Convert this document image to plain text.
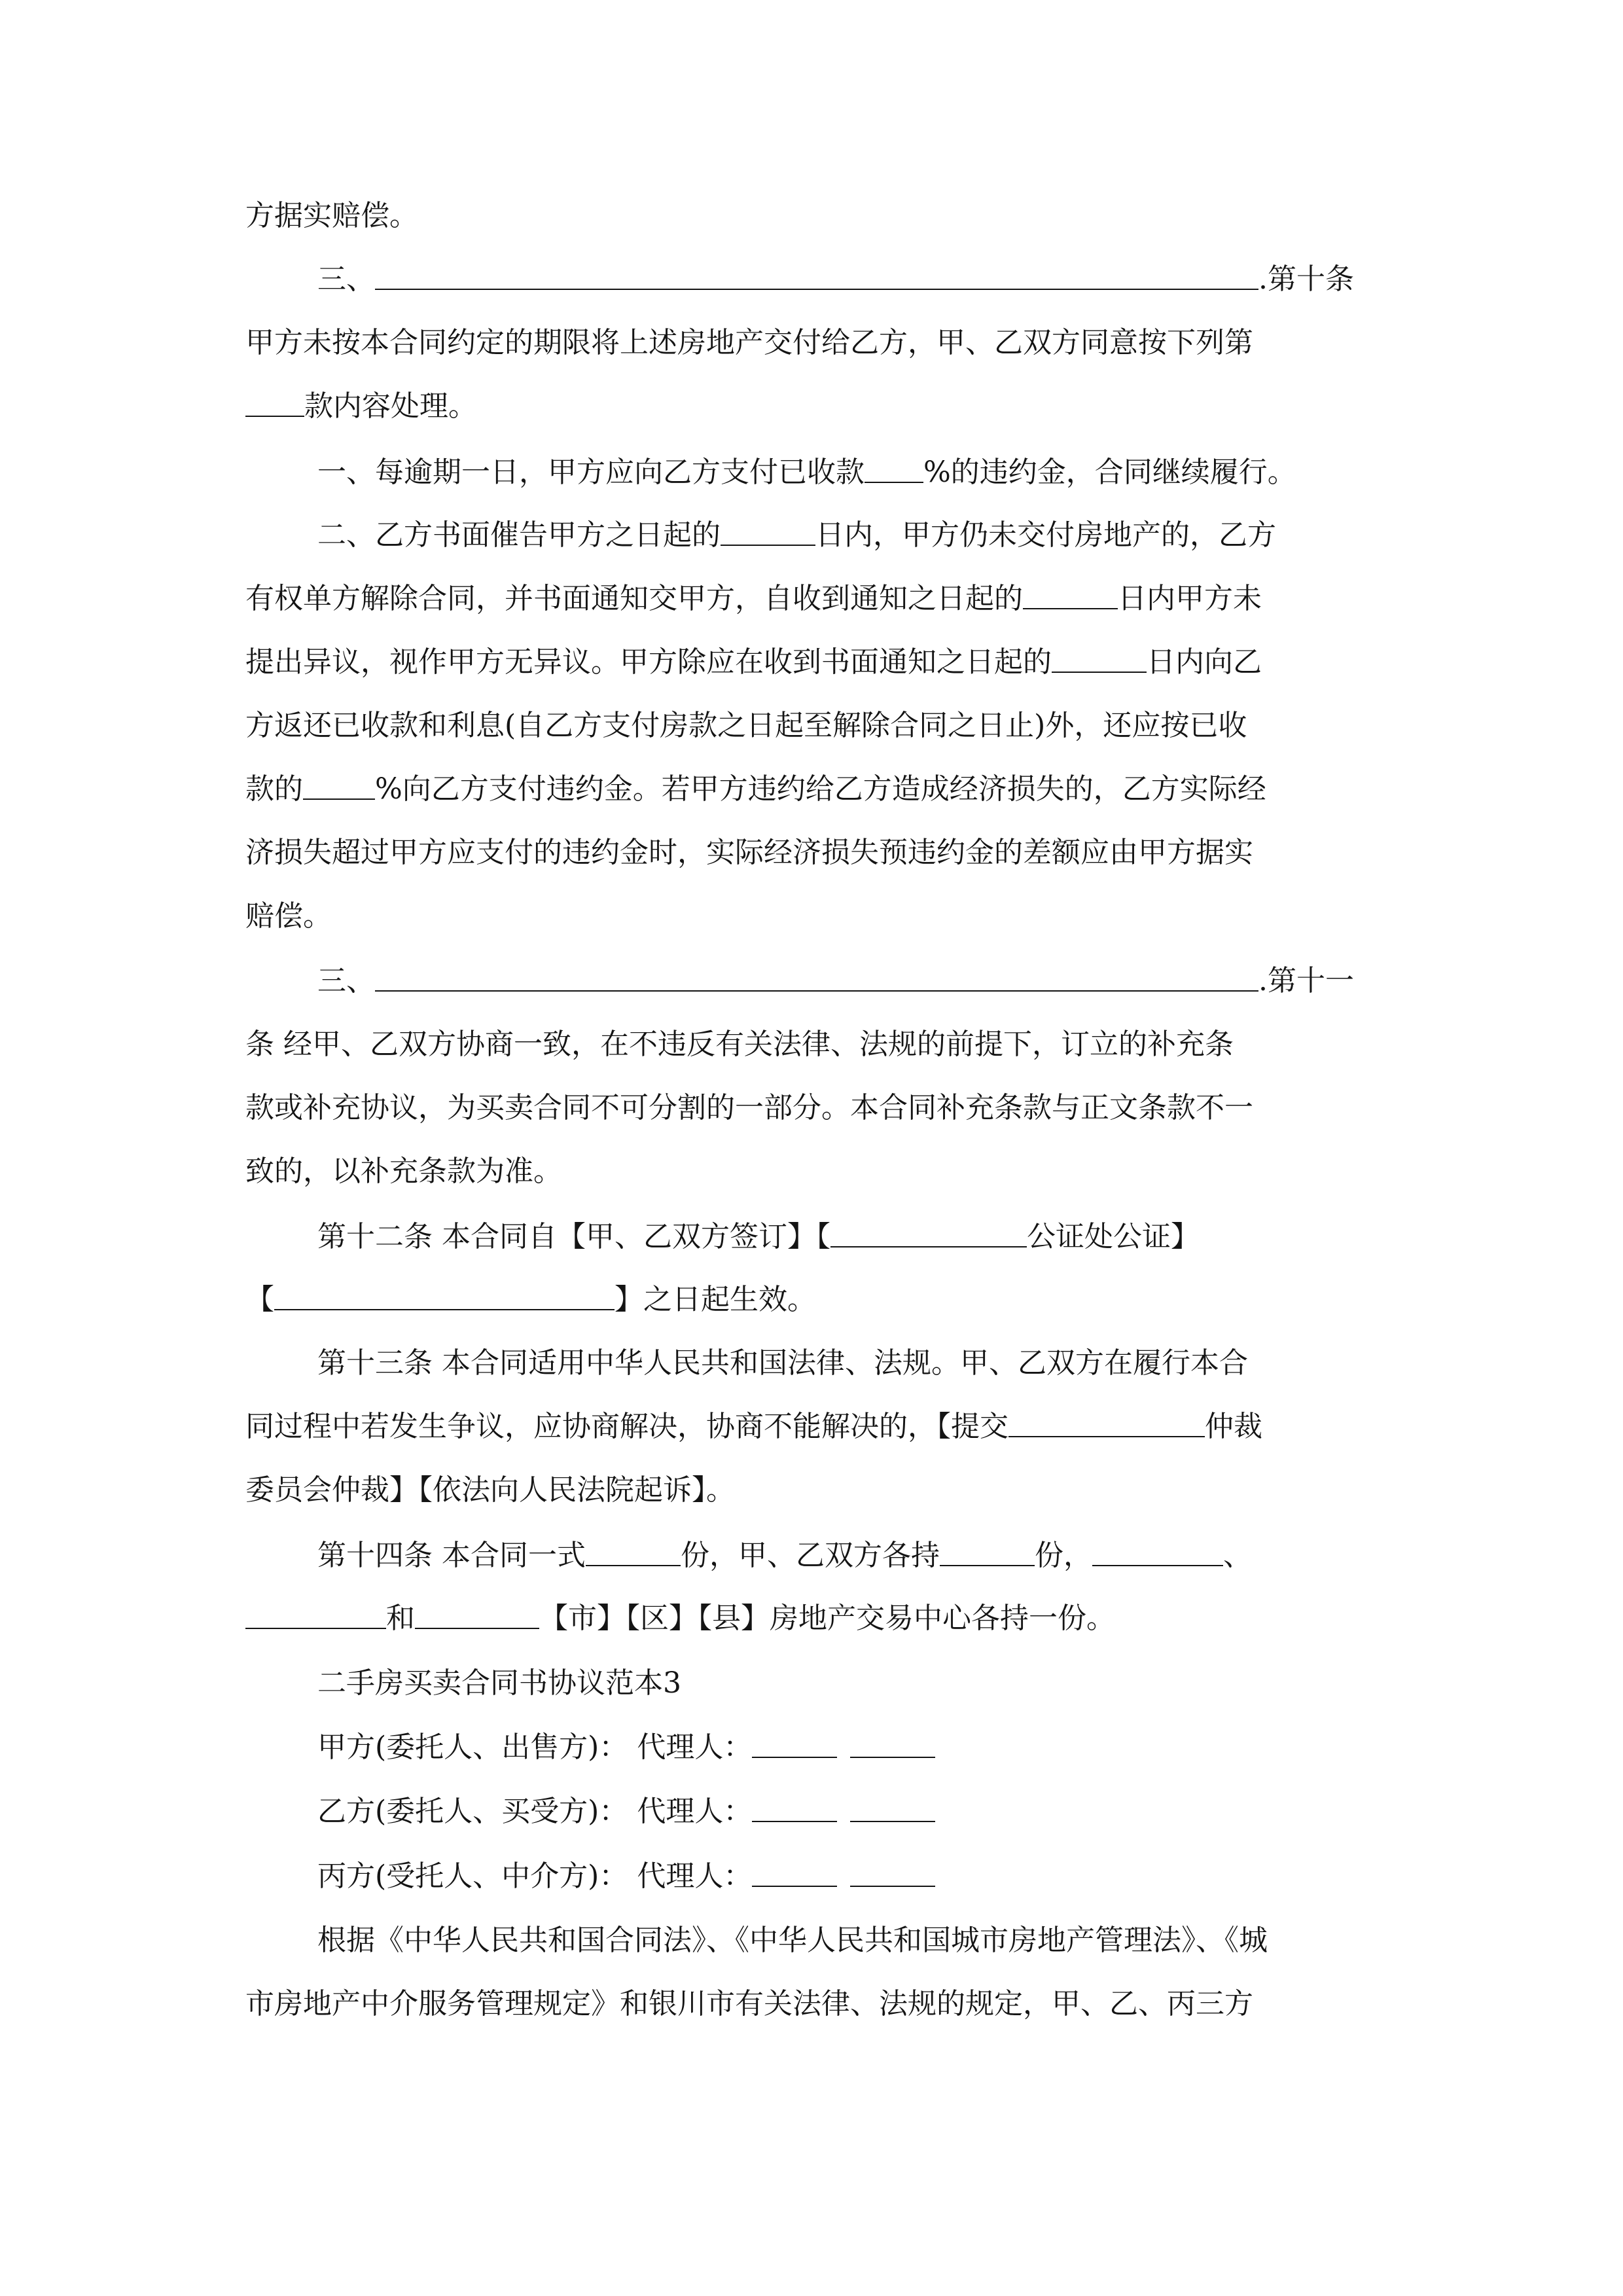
方据实赔偿。
三、	.第十条
甲方未按本合同约定的期限将上述房地产交付给乙方，甲、乙双方同意按下列第
款内容处理。
一、每逾期一日，甲方应向乙方支付已收款 %的违约金，合同继续履行。
二、乙方书面催告甲方之日起的	日内，甲方仍未交付房地产的，乙方
有权单方解除合同，并书面通知交甲方，自收到通知之日起的	日内甲方未
提出异议，视作甲方无异议。甲方除应在收到书面通知之日起的	日内向乙
方返还已收款和利息(自乙方支付房款之日起至解除合同之日止)外，还应按已收
款的	%向乙方支付违约金。若甲方违约给乙方造成经济损失的，乙方实际经
济损失超过甲方应支付的违约金时，实际经济损失预违约金的差额应由甲方据实
赔偿。
三、	.第十一
条 经甲、乙双方协商一致，在不违反有关法律、法规的前提下，订立的补充条
款或补充协议，为买卖合同不可分割的一部分。本合同补充条款与正文条款不一
致的，以补充条款为准。
第十二条 本合同自【甲、乙双方签订】【	公证处公证】
【	】之日起生效。
第十三条 本合同适用中华人民共和国法律、法规。甲、乙双方在履行本合
同过程中若发生争议，应协商解决，协商不能解决的，【提交	仲裁
委员会仲裁】【依法向人民法院起诉】。
第十四条 本合同一式	份，甲、乙双方各持	份，	、
和	【市】【区】【县】房地产交易中心各持一份。
二手房买卖合同书协议范本3
甲方(委托人、出售方)： 代理人：
乙方(委托人、买受方)： 代理人：
丙方(受托人、中介方)： 代理人：
根据《中华人民共和国合同法》、《中华人民共和国城市房地产管理法》、《城
市房地产中介服务管理规定》和银川市有关法律、法规的规定，甲、乙、丙三方
